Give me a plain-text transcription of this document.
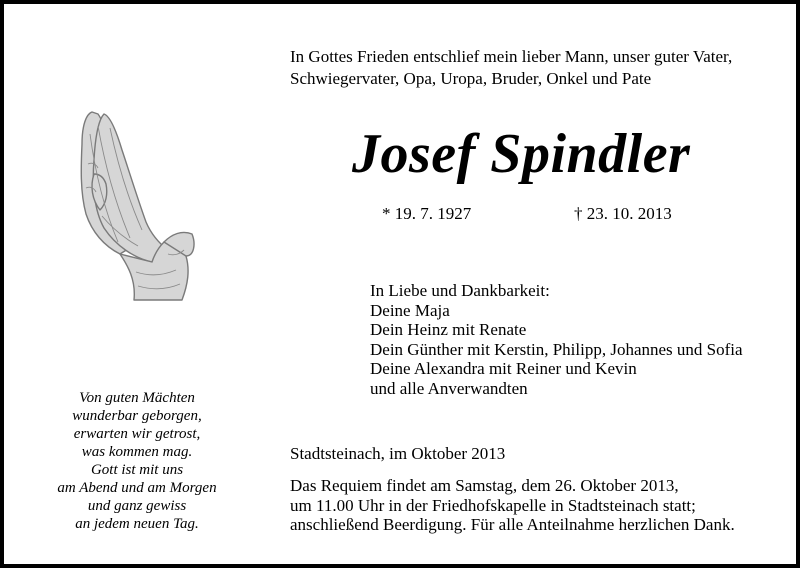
In Gottes Frieden entschlief mein lieber Mann, unser guter Vater,
Schwiegervater, Opa, Uropa, Bruder, Onkel und Pate
Josef Spindler
* 19. 7. 1927	† 23. 10. 2013
In Liebe und Dankbarkeit:
Deine Maja
Dein Heinz mit Renate
Dein Günther mit Kerstin, Philipp, Johannes und Sofia
Deine Alexandra mit Reiner und Kevin
und alle Anverwandten
Stadtsteinach, im Oktober 2013
Das Requiem findet am Samstag, dem 26. Oktober 2013,
um 11.00 Uhr in der Friedhofskapelle in Stadtsteinach statt;
anschließend Beerdigung. Für alle Anteilnahme herzlichen Dank.
Von guten Mächten
wunderbar geborgen,
erwarten wir getrost,
was kommen mag.
Gott ist mit uns
am Abend und am Morgen
und ganz gewiss
an jedem neuen Tag.
